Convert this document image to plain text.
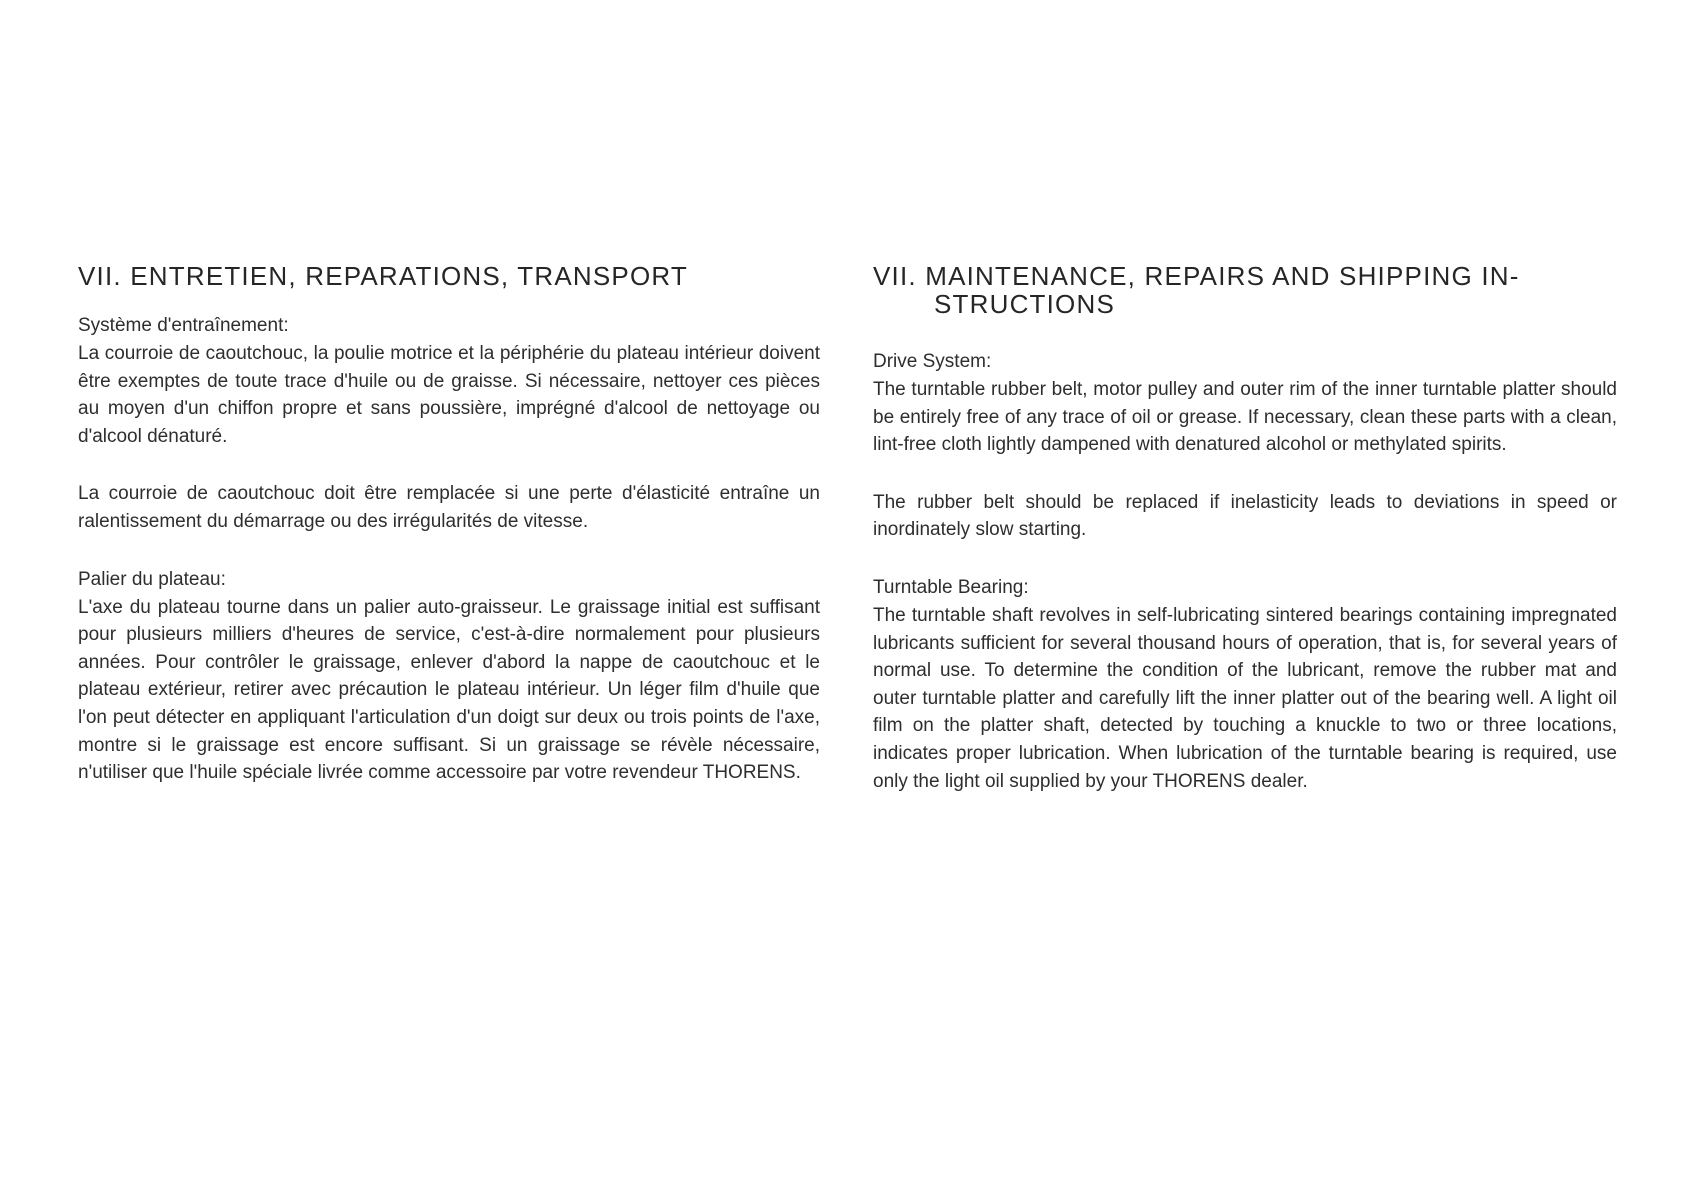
VII. ENTRETIEN, REPARATIONS, TRANSPORT

Système d'entraînement:

La courroie de caoutchouc, la poulie motrice et la périphérie du plateau intérieur doivent être exemptes de toute trace d'huile ou de graisse. Si nécessaire, nettoyer ces pièces au moyen d'un chiffon propre et sans poussière, imprégné d'alcool de nettoyage ou d'alcool dénaturé.

La courroie de caoutchouc doit être remplacée si une perte d'élasticité entraîne un ralentissement du démarrage ou des irrégularités de vitesse.

Palier du plateau:

L'axe du plateau tourne dans un palier auto-graisseur. Le graissage initial est suffisant pour plusieurs milliers d'heures de service, c'est-à-dire normalement pour plusieurs années. Pour contrôler le graissage, enlever d'abord la nappe de caoutchouc et le plateau extérieur, retirer avec précaution le plateau intérieur. Un léger film d'huile que l'on peut détecter en appliquant l'articulation d'un doigt sur deux ou trois points de l'axe, montre si le graissage est encore suffisant. Si un graissage se révèle nécessaire, n'utiliser que l'huile spéciale livrée comme accessoire par votre revendeur THORENS.

VII. MAINTENANCE, REPAIRS AND SHIPPING IN-
STRUCTIONS

Drive System:

The turntable rubber belt, motor pulley and outer rim of the inner turntable platter should be entirely free of any trace of oil or grease. If necessary, clean these parts with a clean, lint-free cloth lightly dampened with denatured alcohol or methylated spirits.

The rubber belt should be replaced if inelasticity leads to deviations in speed or inordinately slow starting.

Turntable Bearing:

The turntable shaft revolves in self-lubricating sintered bearings containing impregnated lubricants sufficient for several thousand hours of operation, that is, for several years of normal use. To determine the condition of the lubricant, remove the rubber mat and outer turntable platter and carefully lift the inner platter out of the bearing well. A light oil film on the platter shaft, detected by touching a knuckle to two or three locations, indicates proper lubrication. When lubrication of the turntable bearing is required, use only the light oil supplied by your THORENS dealer.
